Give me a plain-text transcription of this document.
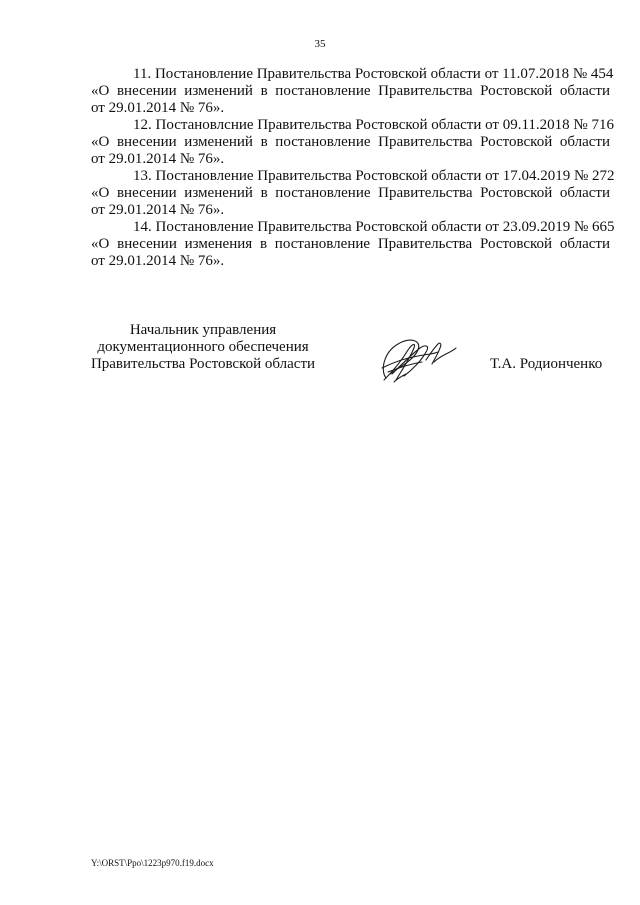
35

11. Постановление Правительства Ростовской области от 11.07.2018 № 454
«О внесении изменений в постановление Правительства Ростовской области
от 29.01.2014 № 76».

12. Постановлcние Правительства Ростовской области от 09.11.2018 № 716
«О внесении изменений в постановление Правительства Ростовской области
от 29.01.2014 № 76».

13. Постановление Правительства Ростовской области от 17.04.2019 № 272
«О внесении изменений в постановление Правительства Ростовской области
от 29.01.2014 № 76».

14. Постановление Правительства Ростовской области от 23.09.2019 № 665
«О внесении изменения в постановление Правительства Ростовской области
от 29.01.2014 № 76».

Начальник управления
документационного обеспечения
Правительства Ростовской области	Т.А. Родионченко
Y:\ORST\Ppo\1223p970.f19.docx
